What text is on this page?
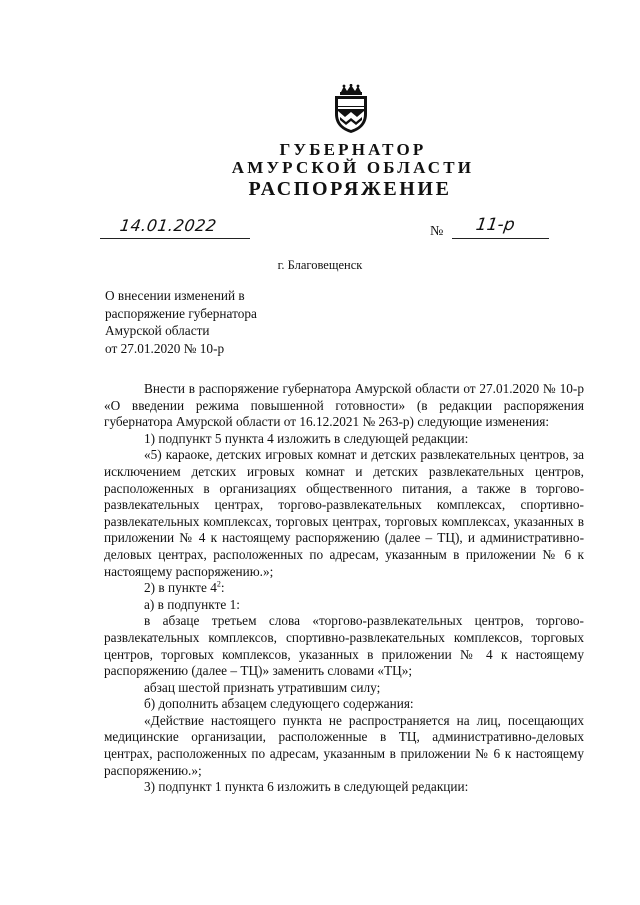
ГУБЕРНАТОР
АМУРСКОЙ ОБЛАСТИ
РАСПОРЯЖЕНИЕ
14.01.2022	№ 11-р
г. Благовещенск
О внесении изменений в
распоряжение губернатора
Амурской области
от 27.01.2020 № 10-р

Внести в распоряжение губернатора Амурской области от 27.01.2020 № 10-р «О введении режима повышенной готовности» (в редакции распоряжения губернатора Амурской области от 16.12.2021 № 263-р) следующие изменения:

1) подпункт 5 пункта 4 изложить в следующей редакции:

«5) караоке, детских игровых комнат и детских развлекательных центров, за исключением детских игровых комнат и детских развлекательных центров, расположенных в организациях общественного питания, а также в торгово-развлекательных центрах, торгово-развлекательных комплексах, спортивно-развлекательных комплексах, торговых центрах, торговых комплексах, указанных в приложении № 4 к настоящему распоряжению (далее – ТЦ), и административно-деловых центрах, расположенных по адресам, указанным в приложении № 6 к настоящему распоряжению.»;

2) в пункте $4^2$:

а) в подпункте 1:

в абзаце третьем слова «торгово-развлекательных центров, торгово-развлекательных комплексов, спортивно-развлекательных комплексов, торговых центров, торговых комплексов, указанных в приложении № 4 к настоящему распоряжению (далее – ТЦ)» заменить словами «ТЦ»;

абзац шестой признать утратившим силу;

б) дополнить абзацем следующего содержания:

«Действие настоящего пункта не распространяется на лиц, посещающих медицинские организации, расположенные в ТЦ, административно-деловых центрах, расположенных по адресам, указанным в приложении № 6 к настоящему распоряжению.»;

3) подпункт 1 пункта 6 изложить в следующей редакции:
